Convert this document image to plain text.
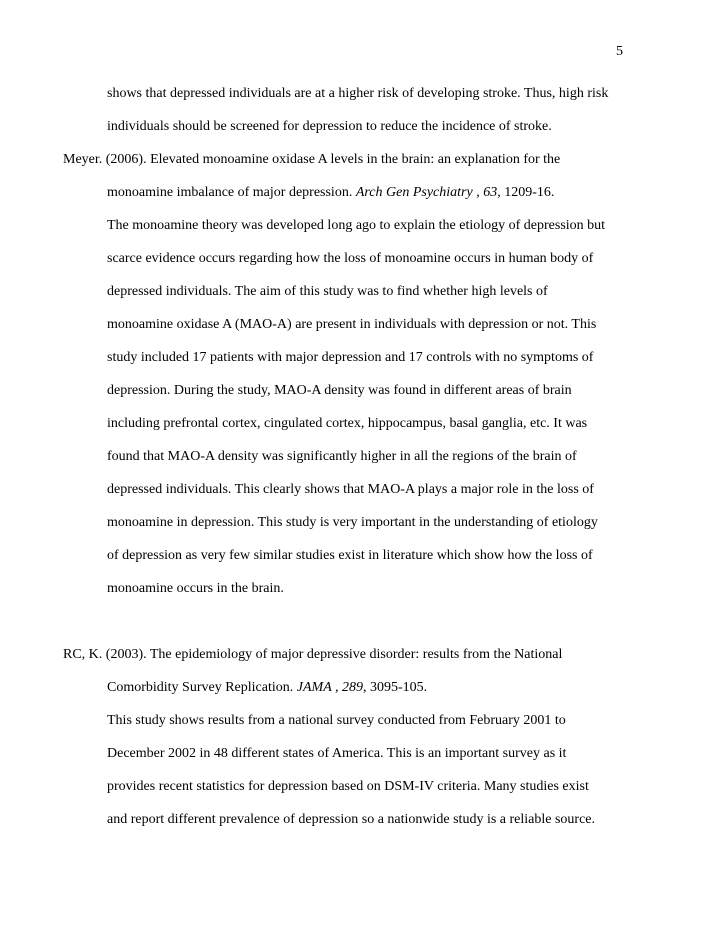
5
shows that depressed individuals are at a higher risk of developing stroke. Thus, high risk
individuals should be screened for depression to reduce the incidence of stroke.
Meyer. (2006). Elevated monoamine oxidase A levels in the brain: an explanation for the
monoamine imbalance of major depression. Arch Gen Psychiatry , 63, 1209-16.
The monoamine theory was developed long ago to explain the etiology of depression but
scarce evidence occurs regarding how the loss of monoamine occurs in human body of
depressed individuals. The aim of this study was to find whether high levels of
monoamine oxidase A (MAO-A) are present in individuals with depression or not. This
study included 17 patients with major depression and 17 controls with no symptoms of
depression. During the study, MAO-A density was found in different areas of brain
including prefrontal cortex, cingulated cortex, hippocampus, basal ganglia, etc. It was
found that MAO-A density was significantly higher in all the regions of the brain of
depressed individuals. This clearly shows that MAO-A plays a major role in the loss of
monoamine in depression. This study is very important in the understanding of etiology
of depression as very few similar studies exist in literature which show how the loss of
monoamine occurs in the brain.
RC, K. (2003). The epidemiology of major depressive disorder: results from the National
Comorbidity Survey Replication. JAMA , 289, 3095-105.
This study shows results from a national survey conducted from February 2001 to
December 2002 in 48 different states of America. This is an important survey as it
provides recent statistics for depression based on DSM-IV criteria. Many studies exist
and report different prevalence of depression so a nationwide study is a reliable source.
